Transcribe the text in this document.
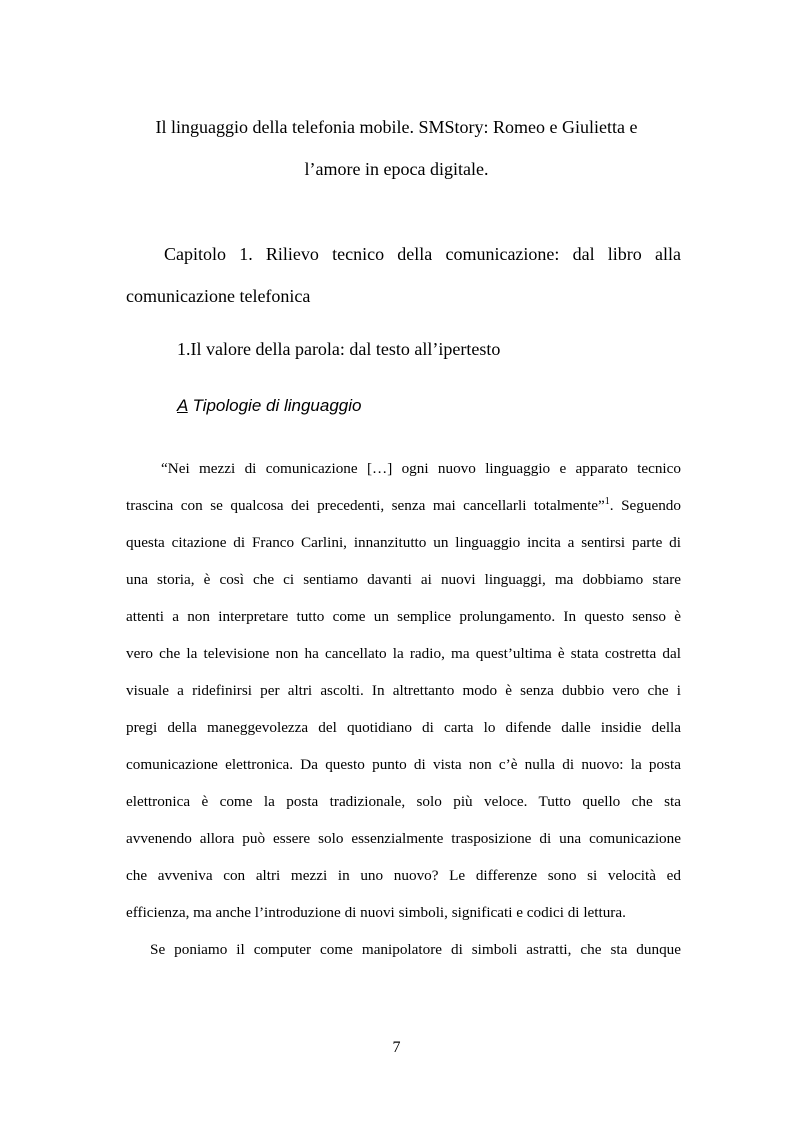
Il linguaggio della telefonia mobile. SMStory: Romeo e Giulietta e
l’amore in epoca digitale.
Capitolo 1. Rilievo tecnico della comunicazione: dal libro alla
comunicazione telefonica
1.Il valore della parola: dal testo all’ipertesto
A Tipologie di linguaggio
“Nei mezzi di comunicazione […] ogni nuovo linguaggio e apparato tecnico
trascina con se qualcosa dei precedenti, senza mai cancellarli totalmente”$^1$. Seguendo
questa citazione di Franco Carlini, innanzitutto un linguaggio incita a sentirsi parte di
una storia, è così che ci sentiamo davanti ai nuovi linguaggi, ma dobbiamo stare
attenti a non interpretare tutto come un semplice prolungamento. In questo senso è
vero che la televisione non ha cancellato la radio, ma quest’ultima è stata costretta dal
visuale a ridefinirsi per altri ascolti. In altrettanto modo è senza dubbio vero che i
pregi della maneggevolezza del quotidiano di carta lo difende dalle insidie della
comunicazione elettronica. Da questo punto di vista non c’è nulla di nuovo: la posta
elettronica è come la posta tradizionale, solo più veloce. Tutto quello che sta
avvenendo allora può essere solo essenzialmente trasposizione di una comunicazione
che avveniva con altri mezzi in uno nuovo? Le differenze sono si velocità ed
efficienza, ma anche l’introduzione di nuovi simboli, significati e codici di lettura.
Se poniamo il computer come manipolatore di simboli astratti, che sta dunque
7
